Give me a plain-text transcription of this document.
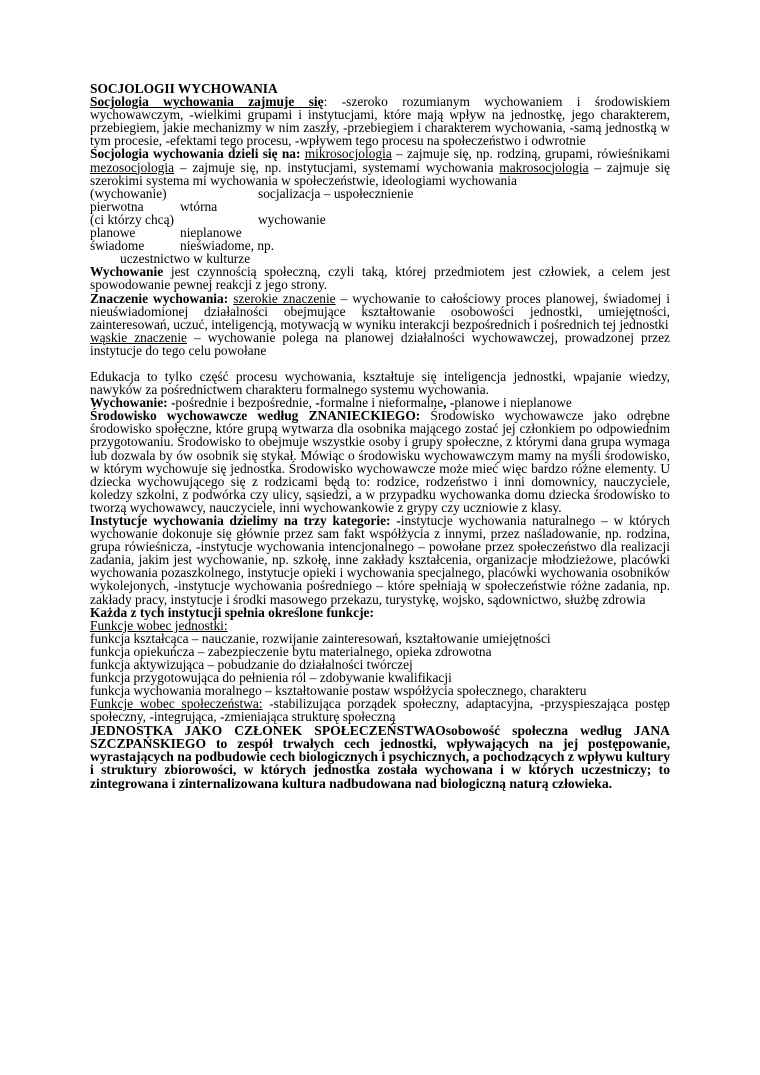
SOCJOLOGII WYCHOWANIA

Socjologia wychowania zajmuje się: -szeroko rozumianym wychowaniem i środowiskiem wychowawczym, -wielkimi grupami i instytucjami, które mają wpływ na jednostkę, jego charakterem, przebiegiem, jakie mechanizmy w nim zaszły, -przebiegiem i charakterem wychowania, -samą jednostką w tym procesie, -efektami tego procesu, -wpływem tego procesu na społeczeństwo i odwrotnie

Socjologia wychowania dzieli się na: mikrosocjologia – zajmuje się, np. rodziną, grupami, rówieśnikami mezosocjologia – zajmuje się, np. instytucjami, systemami wychowania makrosocjologia – zajmuje się szerokimi systema mi wychowania w społeczeństwie, ideologiami wychowania

(wychowanie)	socjalizacja – uspołecznienie
pierwotna	wtórna
(ci którzy chcą)	wychowanie
planowe	nieplanowe
świadome	nieświadome, np.
uczestnictwo w kulturze

Wychowanie jest czynnością społeczną, czyli taką, której przedmiotem jest człowiek, a celem jest spowodowanie pewnej reakcji z jego strony.

Znaczenie wychowania: szerokie znaczenie – wychowanie to całościowy proces planowej, świadomej i nieuświadomionej działalności obejmujące kształtowanie osobowości jednostki, umiejętności, zainteresowań, uczuć, inteligencją, motywacją w wyniku interakcji bezpośrednich i pośrednich tej jednostki

wąskie znaczenie – wychowanie polega na planowej działalności wychowawczej, prowadzonej przez instytucje do tego celu powołane

Edukacja to tylko część procesu wychowania, kształtuje się inteligencja jednostki, wpajanie wiedzy, nawyków za pośrednictwem charakteru formalnego systemu wychowania.

Wychowanie: -pośrednie i bezpośrednie, -formalne i nieformalne, -planowe i nieplanowe

Środowisko wychowawcze według ZNANIECKIEGO: Środowisko wychowawcze jako odrębne środowisko społeczne, które grupą wytwarza dla osobnika mającego zostać jej członkiem po odpowiednim przygotowaniu. Środowisko to obejmuje wszystkie osoby i grupy społeczne, z którymi dana grupa wymaga lub dozwala by ów osobnik się stykał. Mówiąc o środowisku wychowawczym mamy na myśli środowisko, w którym wychowuje się jednostka. Środowisko wychowawcze może mieć więc bardzo różne elementy. U dziecka wychowującego się z rodzicami będą to: rodzice, rodzeństwo i inni domownicy, nauczyciele, koledzy szkolni, z podwórka czy ulicy, sąsiedzi, a w przypadku wychowanka domu dziecka środowisko to tworzą wychowawcy, nauczyciele, inni wychowankowie z grypy czy uczniowie z klasy.

Instytucje wychowania dzielimy na trzy kategorie: -instytucje wychowania naturalnego – w których wychowanie dokonuje się głównie przez sam fakt współżycia z innymi, przez naśladowanie, np. rodzina, grupa rówieśnicza, -instytucje wychowania intencjonalnego – powołane przez społeczeństwo dla realizacji zadania, jakim jest wychowanie, np. szkołę, inne zakłady kształcenia, organizacje młodzieżowe, placówki wychowania pozaszkolnego, instytucje opieki i wychowania specjalnego, placówki wychowania osobników wykolejonych, -instytucje wychowania pośredniego – które spełniają w społeczeństwie różne zadania, np. zakłady pracy, instytucje i środki masowego przekazu, turystykę, wojsko, sądownictwo, służbę zdrowia

Każda z tych instytucji spełnia określone funkcje:

Funkcje wobec jednostki:

funkcja kształcąca – nauczanie, rozwijanie zainteresowań, kształtowanie umiejętności

funkcja opiekuńcza – zabezpieczenie bytu materialnego, opieka zdrowotna

funkcja aktywizująca – pobudzanie do działalności twórczej

funkcja przygotowująca do pełnienia ról – zdobywanie kwalifikacji

funkcja wychowania moralnego – kształtowanie postaw współżycia społecznego, charakteru

Funkcje wobec społeczeństwa: -stabilizująca porządek społeczny, adaptacyjna, -przyspieszająca postęp społeczny, -integrująca, -zmieniająca strukturę społeczną

JEDNOSTKA JAKO CZŁONEK SPOŁECZEŃSTWAOsobowość społeczna według JANA SZCZPAŃSKIEGO to zespół trwałych cech jednostki, wpływających na jej postępowanie, wyrastających na podbudowie cech biologicznych i psychicznych, a pochodzących z wpływu kultury i struktury zbiorowości, w których jednostka została wychowana i w których uczestniczy; to zintegrowana i zinternalizowana kultura nadbudowana nad biologiczną naturą człowieka.
